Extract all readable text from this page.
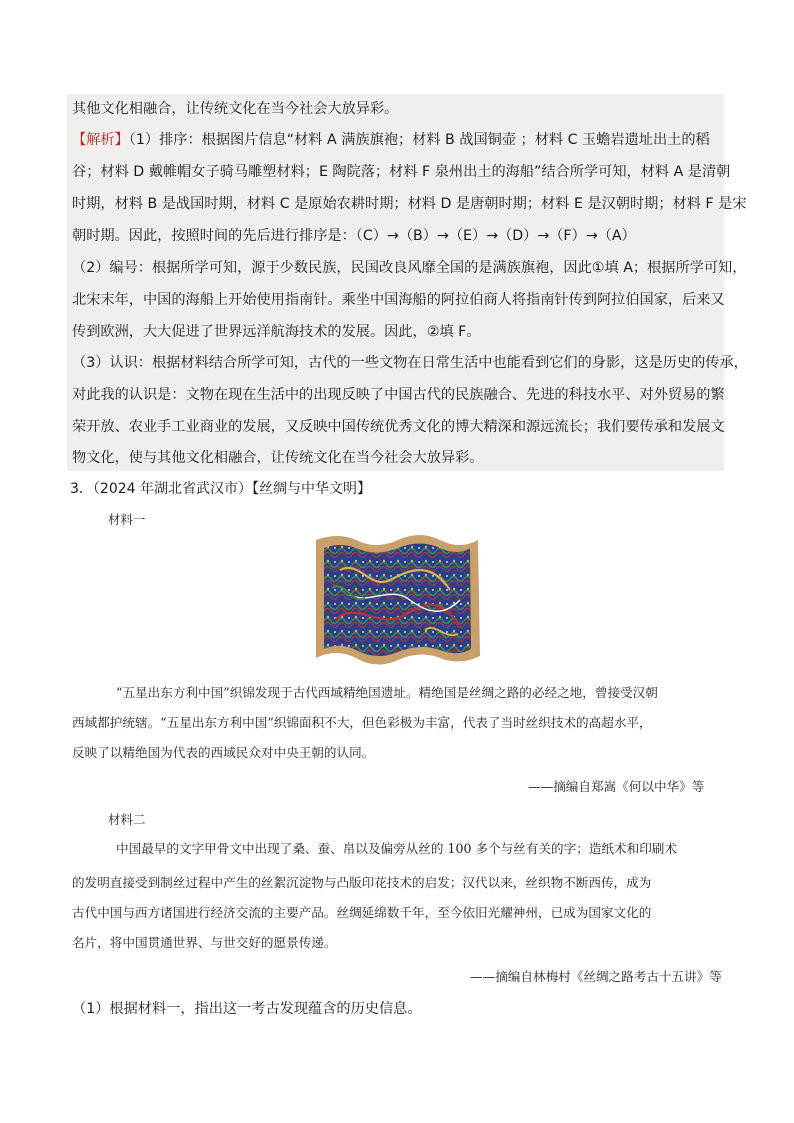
其他文化相融合，让传统文化在当今社会大放异彩。
【解析】（1）排序：根据图片信息“材料 A 满族旗袍；材料 B 战国铜壶 ；材料 C 玉蟾岩遗址出土的稻
谷；材料 D 戴帷帽女子骑马雕塑材料；E 陶院落；材料 F 泉州出土的海船”结合所学可知，材料 A 是清朝
时期，材料 B 是战国时期，材料 C 是原始农耕时期；材料 D 是唐朝时期；材料 E 是汉朝时期；材料 F 是宋
朝时期。因此，按照时间的先后进行排序是：（C）→（B）→（E）→（D）→（F）→（A）
（2）编号：根据所学可知，源于少数民族，民国改良风靡全国的是满族旗袍，因此①填 A；根据所学可知，
北宋末年，中国的海船上开始使用指南针。乘坐中国海船的阿拉伯商人将指南针传到阿拉伯国家，后来又
传到欧洲，大大促进了世界远洋航海技术的发展。因此，②填 F。
（3）认识：根据材料结合所学可知，古代的一些文物在日常生活中也能看到它们的身影，这是历史的传承，
对此我的认识是：文物在现在生活中的出现反映了中国古代的民族融合、先进的科技水平、对外贸易的繁
荣开放、农业手工业商业的发展，又反映中国传统优秀文化的博大精深和源远流长；我们要传承和发展文
物文化，使与其他文化相融合，让传统文化在当今社会大放异彩。
3．（2024 年湖北省武汉市）【丝绸与中华文明】
材料一
“五星出东方利中国”织锦发现于古代西域精绝国遗址。精绝国是丝绸之路的必经之地，曾接受汉朝
西域都护统辖。“五星出东方利中国”织锦面积不大，但色彩极为丰富，代表了当时丝织技术的高超水平，
反映了以精绝国为代表的西域民众对中央王朝的认同。
——摘编自郑嵩《何以中华》等
材料二
中国最早的文字甲骨文中出现了桑、蚕、帛以及偏旁从丝的 100 多个与丝有关的字；造纸术和印刷术
的发明直接受到制丝过程中产生的丝絮沉淀物与凸版印花技术的启发；汉代以来，丝织物不断西传，成为
古代中国与西方诸国进行经济交流的主要产品。丝绸延绵数千年，至今依旧光耀神州，已成为国家文化的
名片，将中国贯通世界、与世交好的愿景传递。
——摘编自林梅村《丝绸之路考古十五讲》等
（1）根据材料一，指出这一考古发现蕴含的历史信息。
